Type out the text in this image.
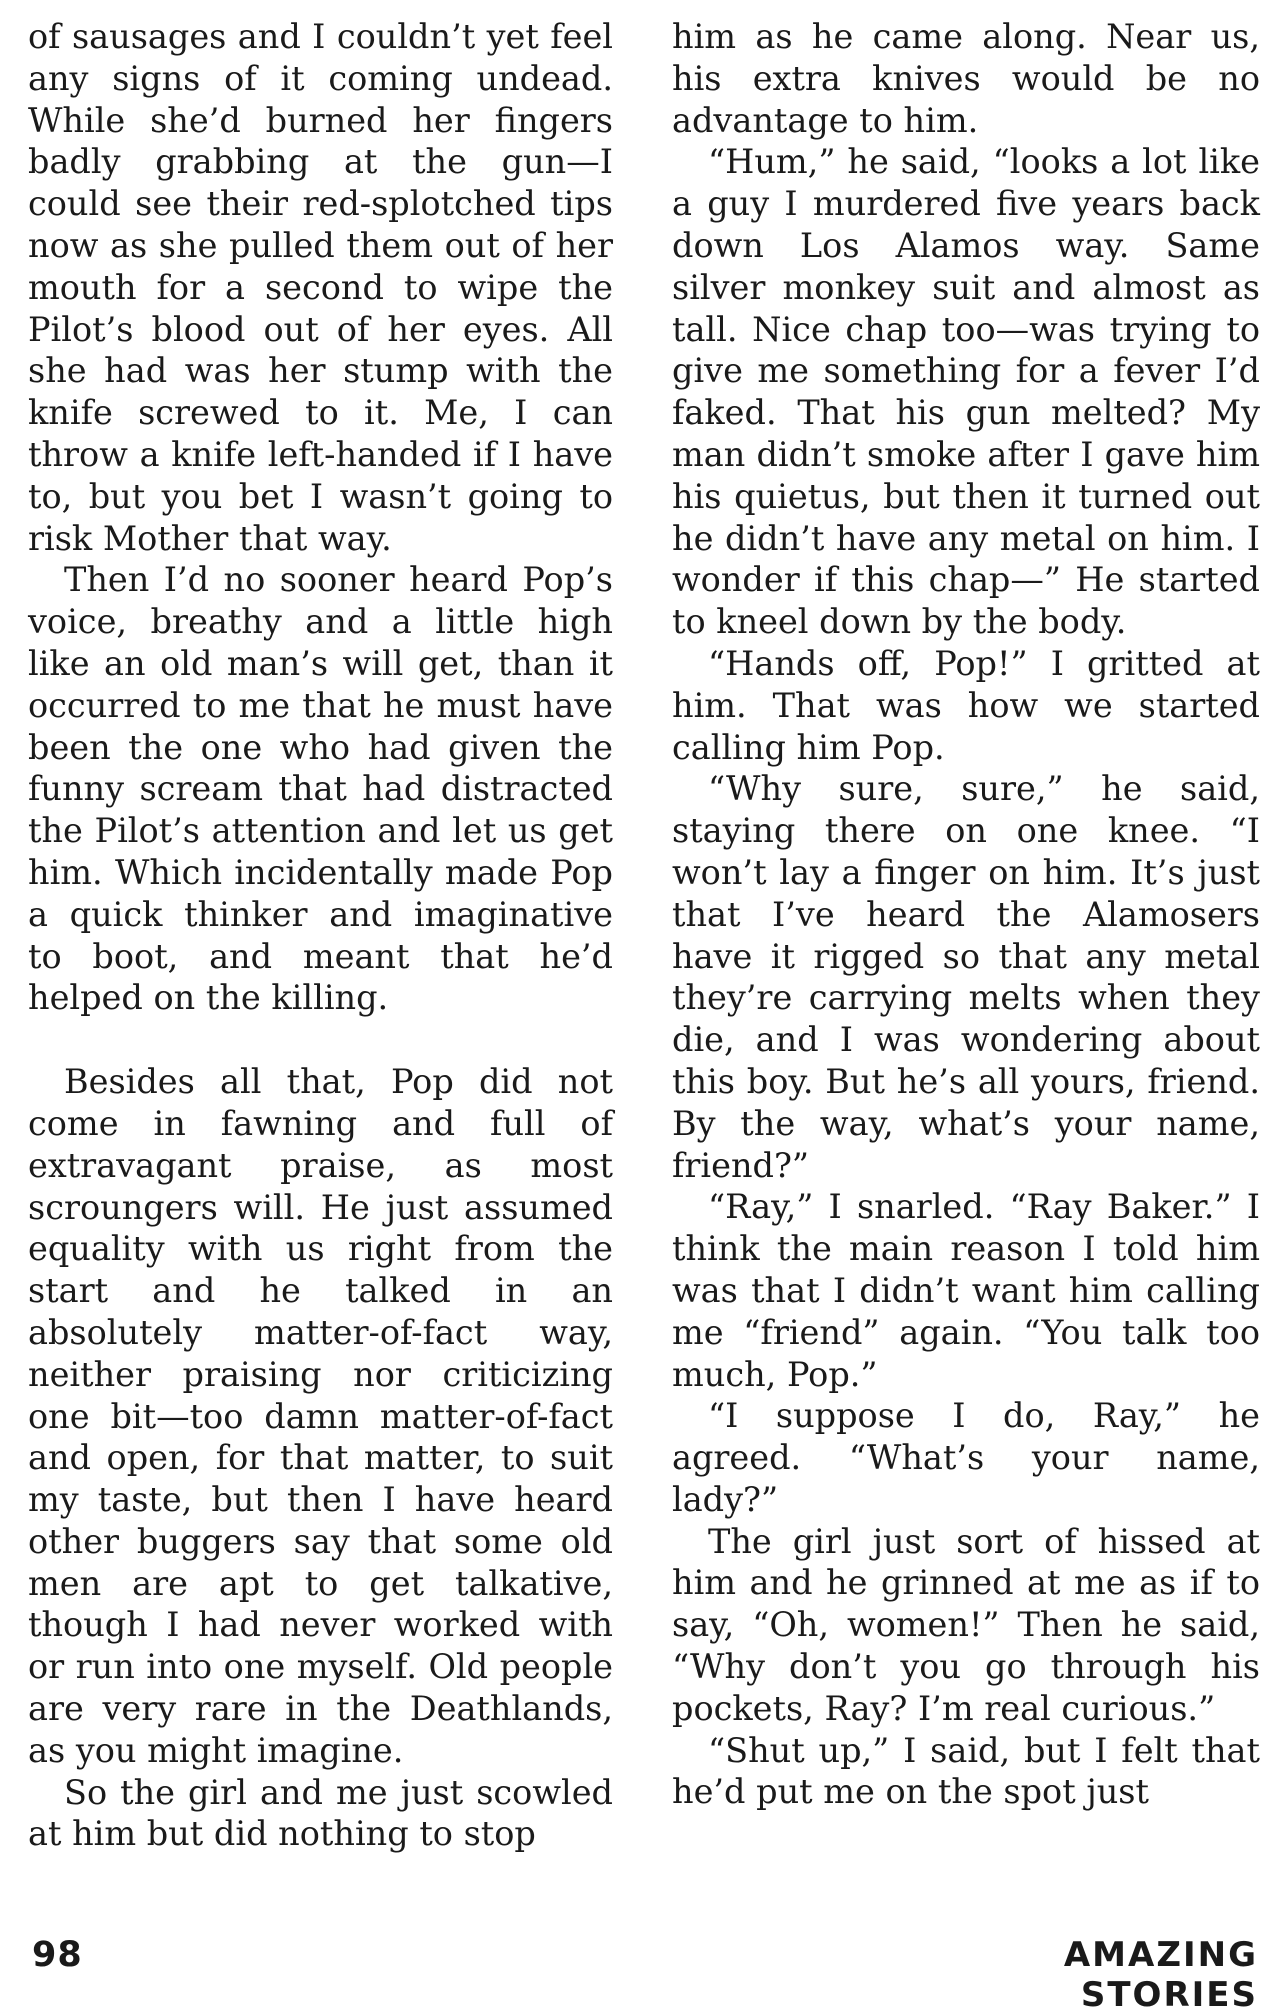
of sausages and I couldn’t yet feel any signs of it coming undead. While she’d burned her fingers badly grabbing at the gun—I could see their red-splotched tips now as she pulled them out of her mouth for a second to wipe the Pilot’s blood out of her eyes. All she had was her stump with the knife screwed to it. Me, I can throw a knife left-handed if I have to, but you bet I wasn’t going to risk Mother that way.

Then I’d no sooner heard Pop’s voice, breathy and a little high like an old man’s will get, than it occurred to me that he must have been the one who had given the funny scream that had distracted the Pilot’s attention and let us get him. Which incidentally made Pop a quick thinker and imaginative to boot, and meant that he’d helped on the killing.

Besides all that, Pop did not come in fawning and full of extravagant praise, as most scroungers will. He just assumed equality with us right from the start and he talked in an absolutely matter-of-fact way, neither praising nor criticizing one bit—too damn matter-of-fact and open, for that matter, to suit my taste, but then I have heard other buggers say that some old men are apt to get talkative, though I had never worked with or run into one myself. Old people are very rare in the Deathlands, as you might imagine.

So the girl and me just scowled at him but did nothing to stop

him as he came along. Near us, his extra knives would be no advantage to him.

“Hum,” he said, “looks a lot like a guy I murdered five years back down Los Alamos way. Same silver monkey suit and almost as tall. Nice chap too—was trying to give me something for a fever I’d faked. That his gun melted? My man didn’t smoke after I gave him his quietus, but then it turned out he didn’t have any metal on him. I wonder if this chap—” He started to kneel down by the body.

“Hands off, Pop!” I gritted at him. That was how we started calling him Pop.

“Why sure, sure,” he said, staying there on one knee. “I won’t lay a finger on him. It’s just that I’ve heard the Alamosers have it rigged so that any metal they’re carrying melts when they die, and I was wondering about this boy. But he’s all yours, friend. By the way, what’s your name, friend?”

“Ray,” I snarled. “Ray Baker.” I think the main reason I told him was that I didn’t want him calling me “friend” again. “You talk too much, Pop.”

“I suppose I do, Ray,” he agreed. “What’s your name, lady?”

The girl just sort of hissed at him and he grinned at me as if to say, “Oh, women!” Then he said, “Why don’t you go through his pockets, Ray? I’m real curious.”

“Shut up,” I said, but I felt that he’d put me on the spot just

98	AMAZING STORIES
